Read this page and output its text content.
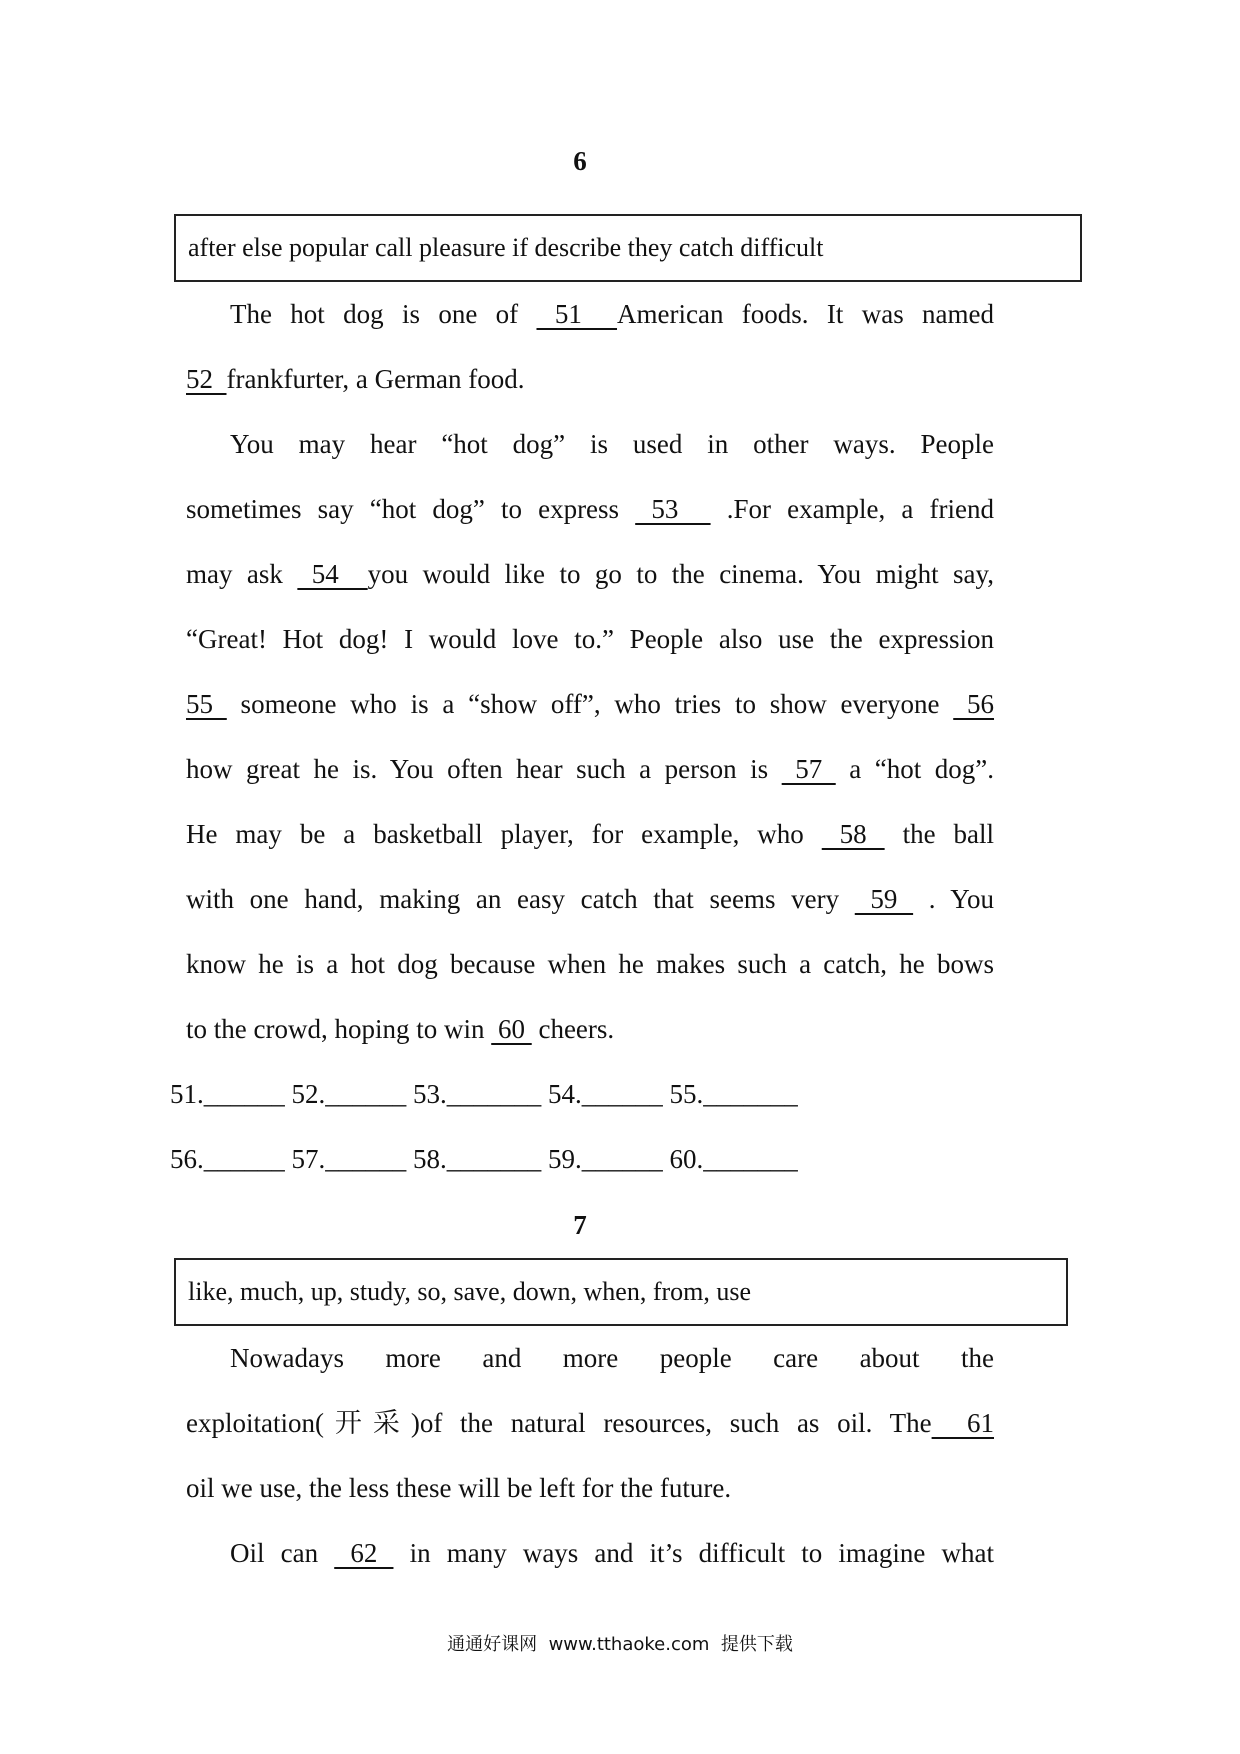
6
after else popular call pleasure if describe they catch difficult
The hot dog is one of  51  American foods. It was named
52  frankfurter, a German food.
You may hear “hot dog” is used in other ways. People
sometimes say “hot dog” to express  53   .For example, a friend
may ask  54  you would like to go to the cinema. You might say,
“Great! Hot dog! I would love to.” People also use the expression
55  someone who is a “show off”, who tries to show everyone  56
how great he is. You often hear such a person is  57  a “hot dog”.
He may be a basketball player, for example, who  58  the ball
with one hand, making an easy catch that seems very  59  . You
know he is a hot dog because when he makes such a catch, he bows
to the crowd, hoping to win  60  cheers.
51.______ 52.______ 53._______ 54.______ 55._______
56.______ 57.______ 58._______ 59.______ 60._______
7
like, much, up, study, so, save, down, when, from, use
Nowadays more and more people care about the
exploitation(开采)of the natural resources, such as oil. The  61
oil we use, the less these will be left for the future.
Oil can  62  in many ways and it’s difficult to imagine what
通通好课网  www.tthaoke.com  提供下载
